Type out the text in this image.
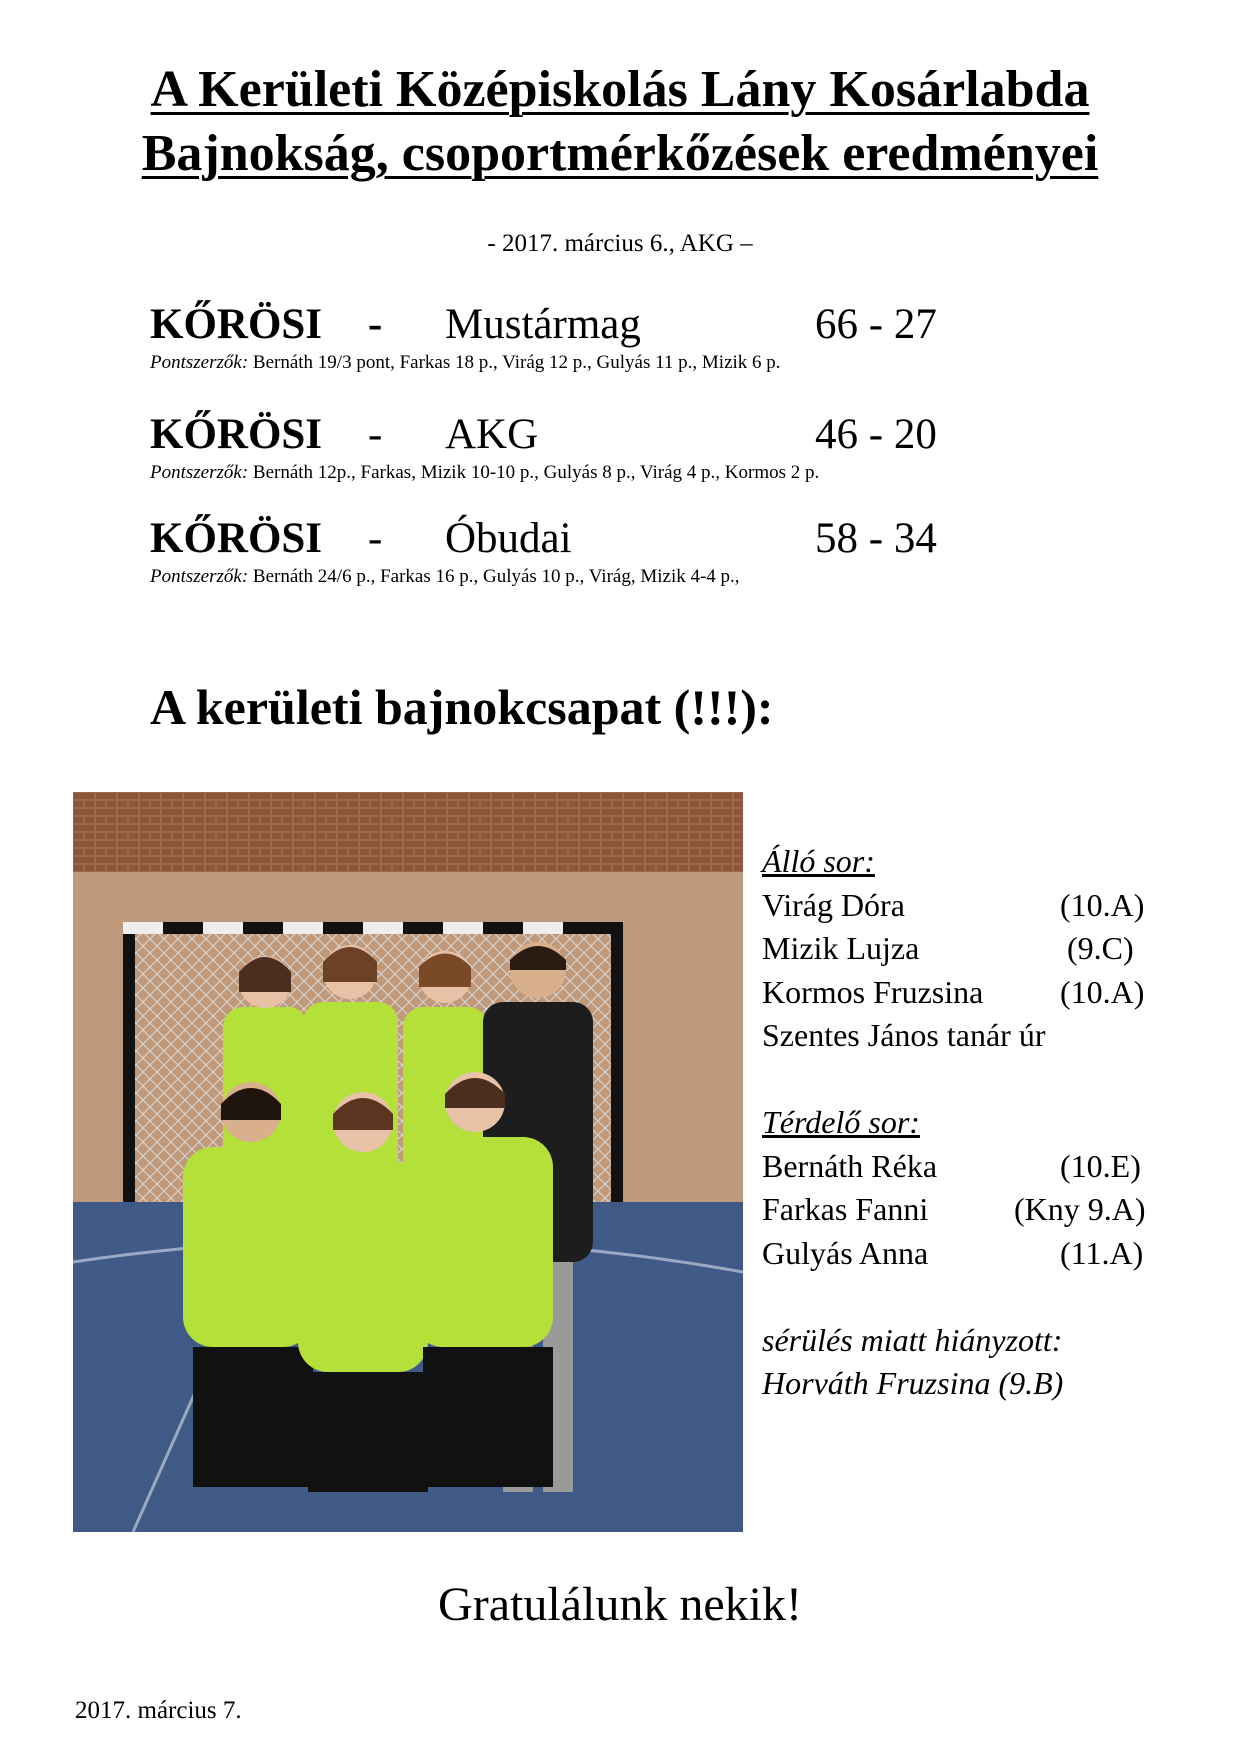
A Kerületi Középiskolás Lány Kosárlabda
Bajnokság, csoportmérkőzések eredményei
- 2017. március 6., AKG –
KŐRÖSI - Mustármag	66 - 27
Pontszerzők: Bernáth 19/3 pont, Farkas 18 p., Virág 12 p., Gulyás 11 p., Mizik 6 p.
KŐRÖSI - AKG	46 - 20
Pontszerzők: Bernáth 12p., Farkas, Mizik 10-10 p., Gulyás 8 p., Virág 4 p., Kormos 2 p.
KŐRÖSI - Óbudai	58 - 34
Pontszerzők: Bernáth 24/6 p., Farkas 16 p., Gulyás 10 p., Virág, Mizik 4-4 p.,
A kerületi bajnokcsapat (!!!):
Álló sor:
Virág Dóra	(10.A)
Mizik Lujza	(9.C)
Kormos Fruzsina (10.A)
Szentes János tanár úr
Térdelő sor:
Bernáth Réka	(10.E)
Farkas Fanni	(Kny 9.A)
Gulyás Anna	(11.A)
sérülés miatt hiányzott:
Horváth Fruzsina (9.B)
Gratulálunk nekik!
2017. március 7.
